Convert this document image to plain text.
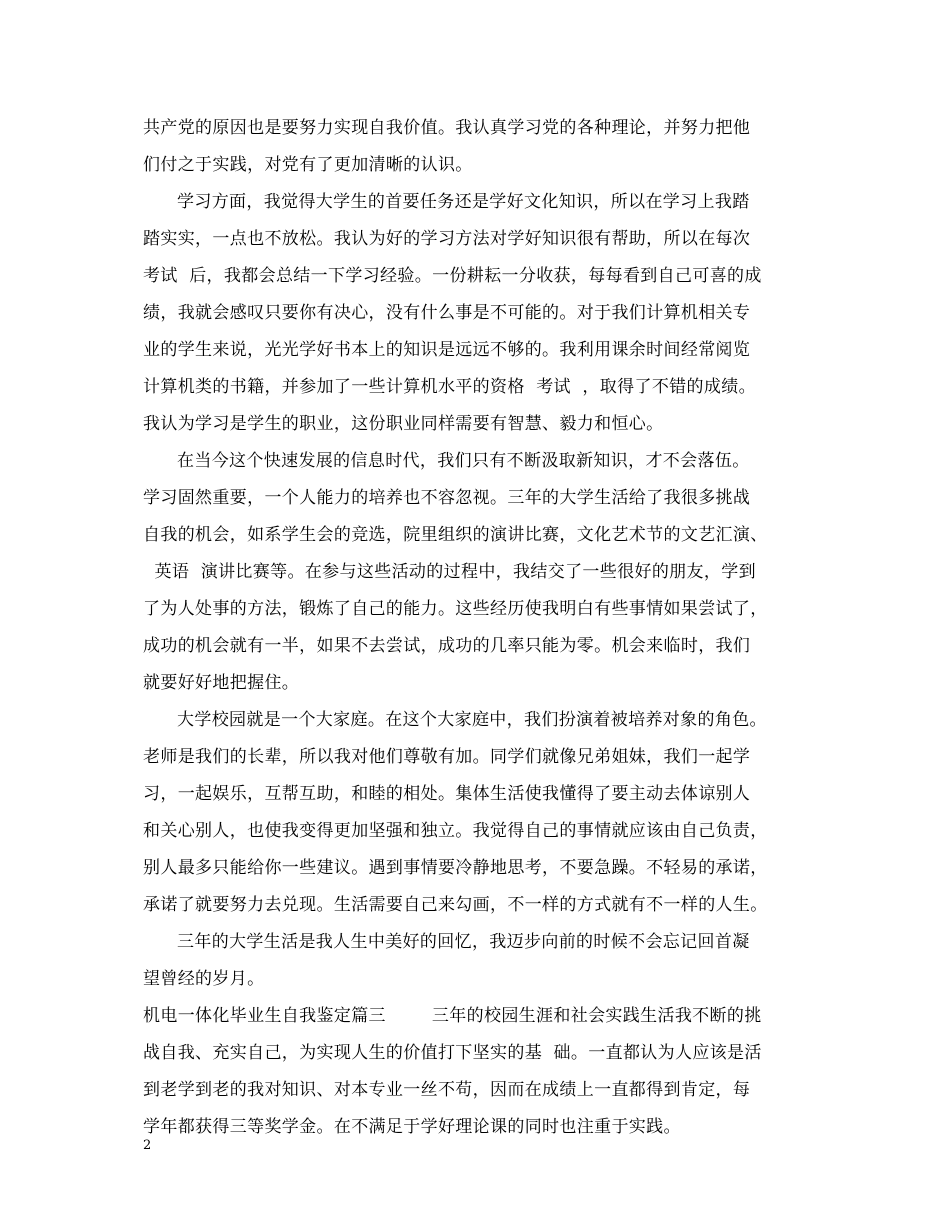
共产党的原因也是要努力实现自我价值。我认真学习党的各种理论，并努力把他
们付之于实践，对党有了更加清晰的认识。
学习方面，我觉得大学生的首要任务还是学好文化知识，所以在学习上我踏
踏实实，一点也不放松。我认为好的学习方法对学好知识很有帮助，所以在每次
考试  后，我都会总结一下学习经验。一份耕耘一分收获，每每看到自己可喜的成
绩，我就会感叹只要你有决心，没有什么事是不可能的。对于我们计算机相关专
业的学生来说，光光学好书本上的知识是远远不够的。我利用课余时间经常阅览
计算机类的书籍，并参加了一些计算机水平的资格  考试  ，取得了不错的成绩。
我认为学习是学生的职业，这份职业同样需要有智慧、毅力和恒心。
在当今这个快速发展的信息时代，我们只有不断汲取新知识，才不会落伍。
学习固然重要，一个人能力的培养也不容忽视。三年的大学生活给了我很多挑战
自我的机会，如系学生会的竞选，院里组织的演讲比赛，文化艺术节的文艺汇演、
英语  演讲比赛等。在参与这些活动的过程中，我结交了一些很好的朋友，学到
了为人处事的方法，锻炼了自己的能力。这些经历使我明白有些事情如果尝试了，
成功的机会就有一半，如果不去尝试，成功的几率只能为零。机会来临时，我们
就要好好地把握住。
大学校园就是一个大家庭。在这个大家庭中，我们扮演着被培养对象的角色。
老师是我们的长辈，所以我对他们尊敬有加。同学们就像兄弟姐妹，我们一起学
习，一起娱乐，互帮互助，和睦的相处。集体生活使我懂得了要主动去体谅别人
和关心别人，也使我变得更加坚强和独立。我觉得自己的事情就应该由自己负责，
别人最多只能给你一些建议。遇到事情要冷静地思考，不要急躁。不轻易的承诺，
承诺了就要努力去兑现。生活需要自己来勾画，不一样的方式就有不一样的人生。
三年的大学生活是我人生中美好的回忆，我迈步向前的时候不会忘记回首凝
望曾经的岁月。
机电一体化毕业生自我鉴定篇三        三年的校园生涯和社会实践生活我不断的挑
战自我、充实自己，为实现人生的价值打下坚实的基  础。一直都认为人应该是活
到老学到老的我对知识、对本专业一丝不苟，因而在成绩上一直都得到肯定，每
学年都获得三等奖学金。在不满足于学好理论课的同时也注重于实践。
2
